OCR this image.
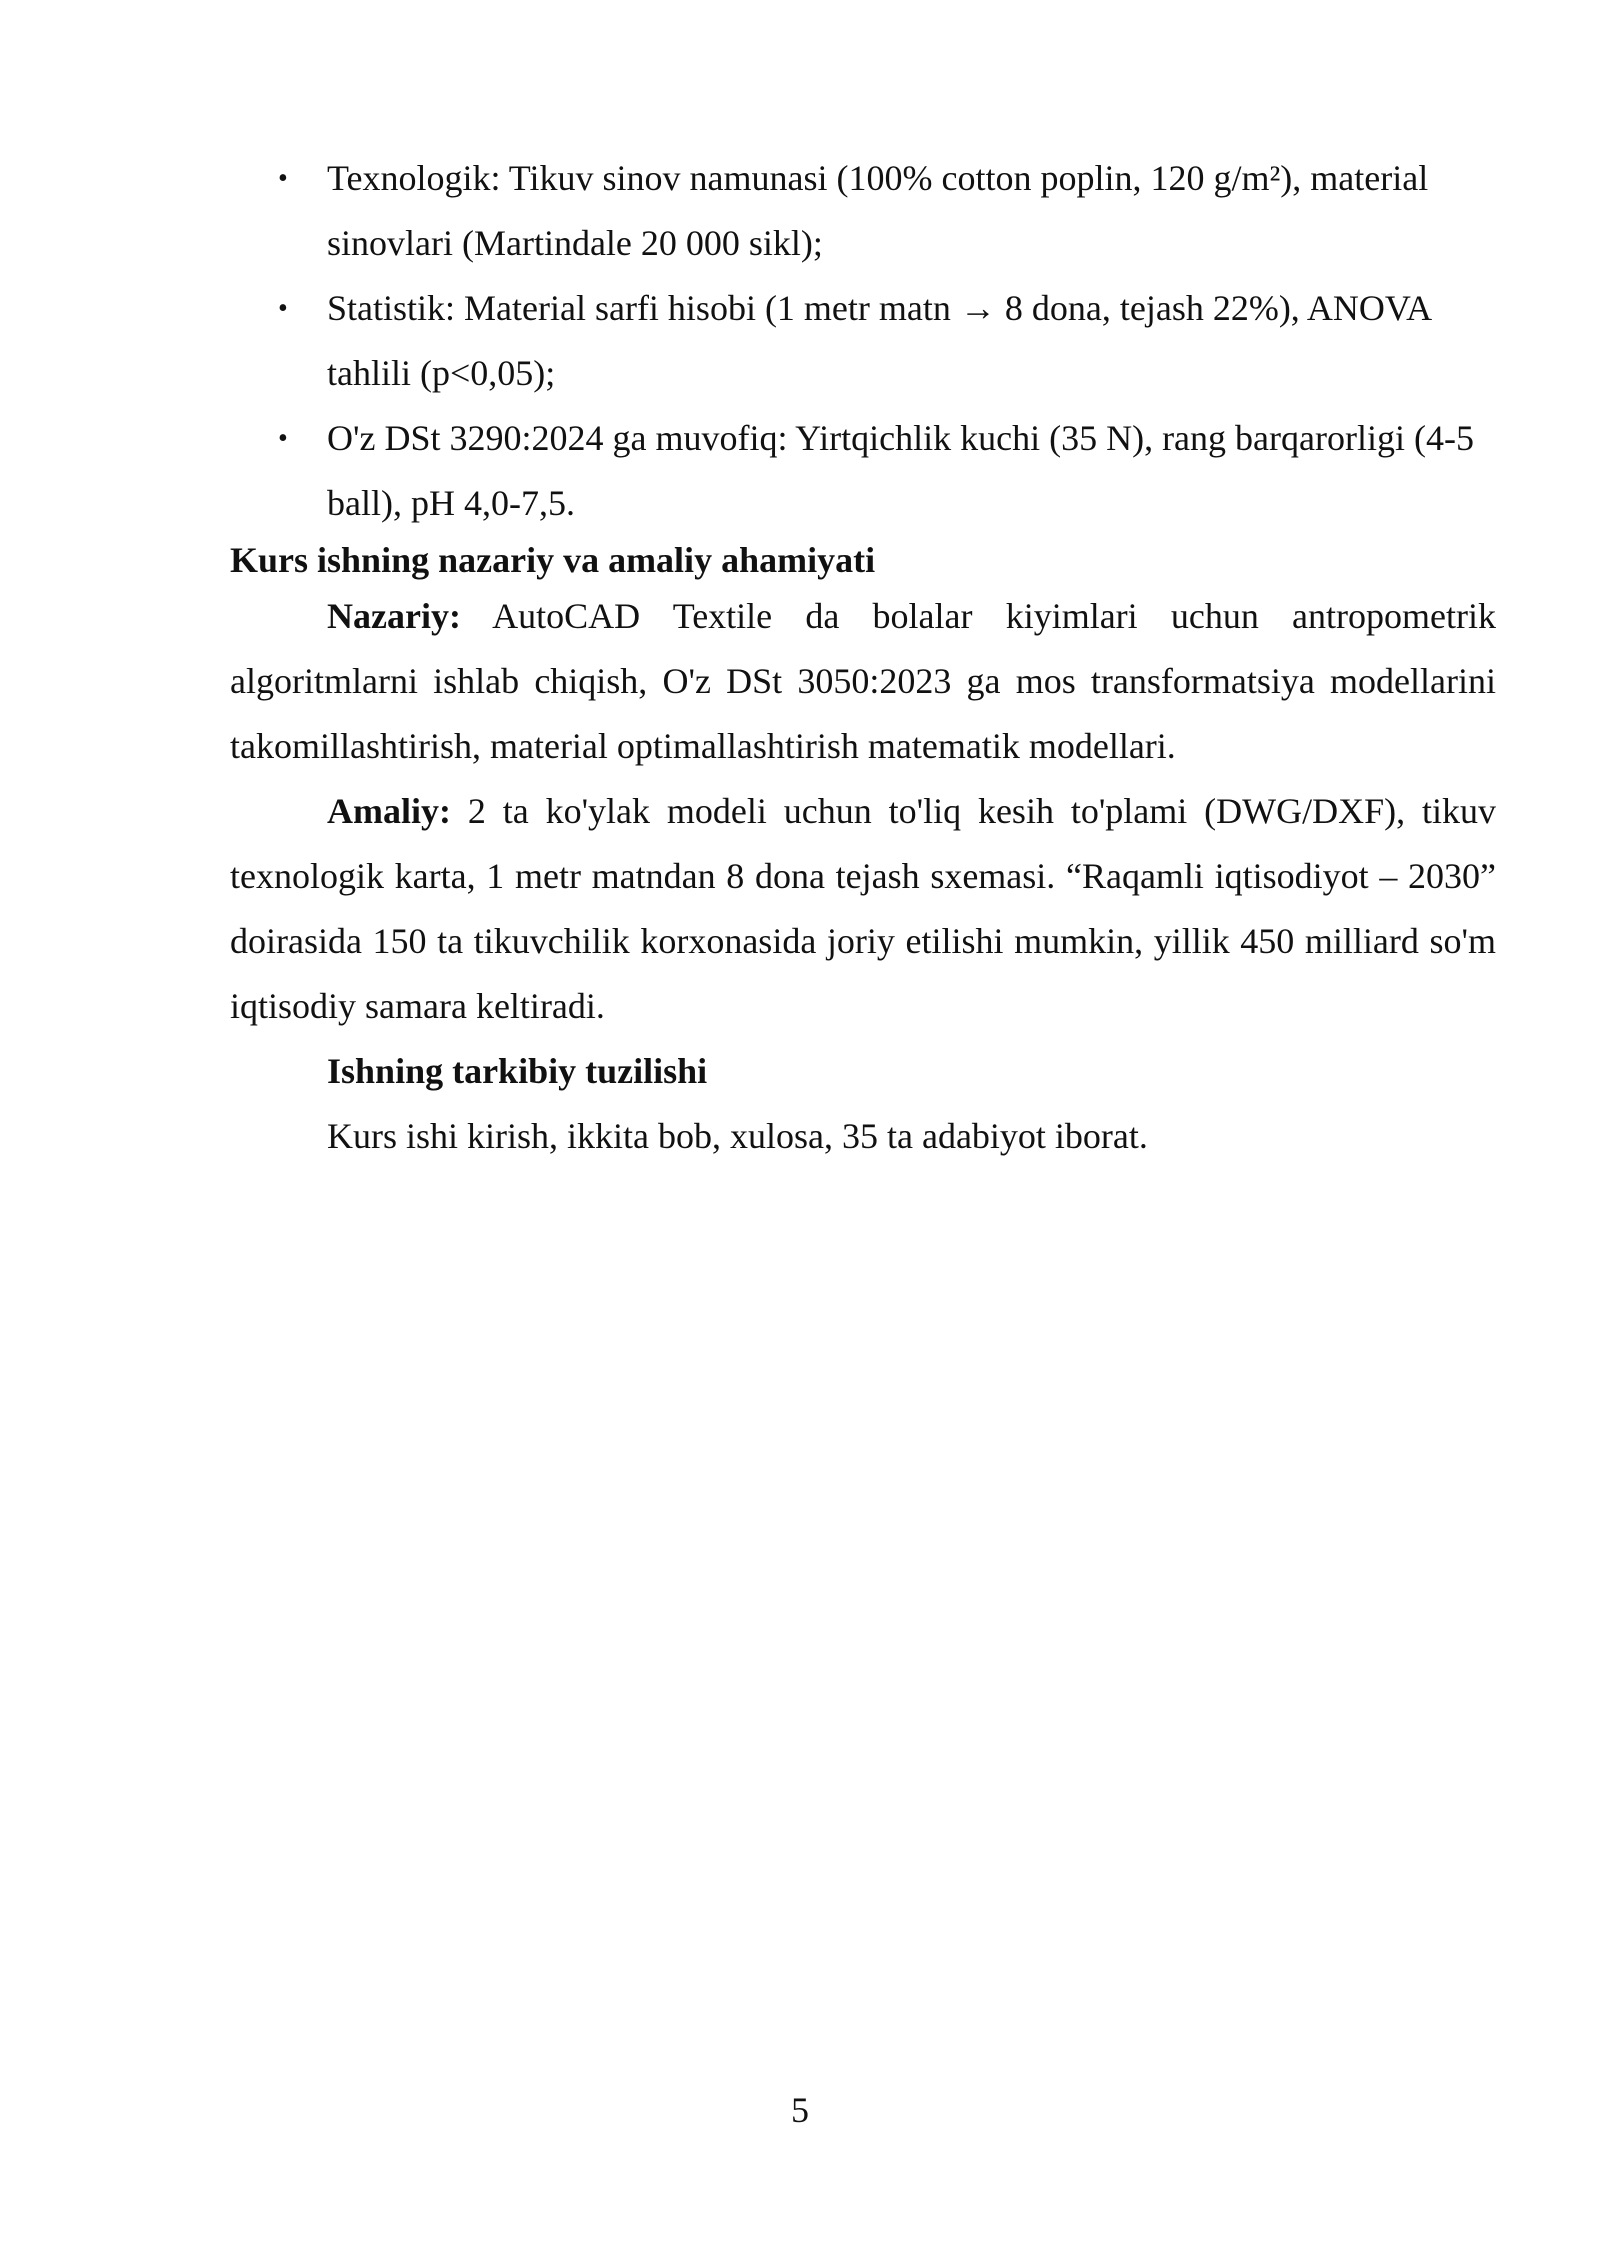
• Texnologik: Tikuv sinov namunasi (100% cotton poplin, 120 g/m²), material sinovlari (Martindale 20 000 sikl);
• Statistik: Material sarfi hisobi (1 metr matn → 8 dona, tejash 22%), ANOVA tahlili (p<0,05);
• O'z DSt 3290:2024 ga muvofiq: Yirtqichlik kuchi (35 N), rang barqarorligi (4-5 ball), pH 4,0-7,5.

Kurs ishning nazariy va amaliy ahamiyati

Nazariy: AutoCAD Textile da bolalar kiyimlari uchun antropometrik algoritmlarni ishlab chiqish, O'z DSt 3050:2023 ga mos transformatsiya modellarini takomillashtirish, material optimallashtirish matematik modellari.

Amaliy: 2 ta ko'ylak modeli uchun to'liq kesih to'plami (DWG/DXF), tikuv texnologik karta, 1 metr matndan 8 dona tejash sxemasi. “Raqamli iqtisodiyot – 2030” doirasida 150 ta tikuvchilik korxonasida joriy etilishi mumkin, yillik 450 milliard so'm iqtisodiy samara keltiradi.

Ishning tarkibiy tuzilishi

Kurs ishi kirish, ikkita bob, xulosa, 35 ta adabiyot iborat.

5
